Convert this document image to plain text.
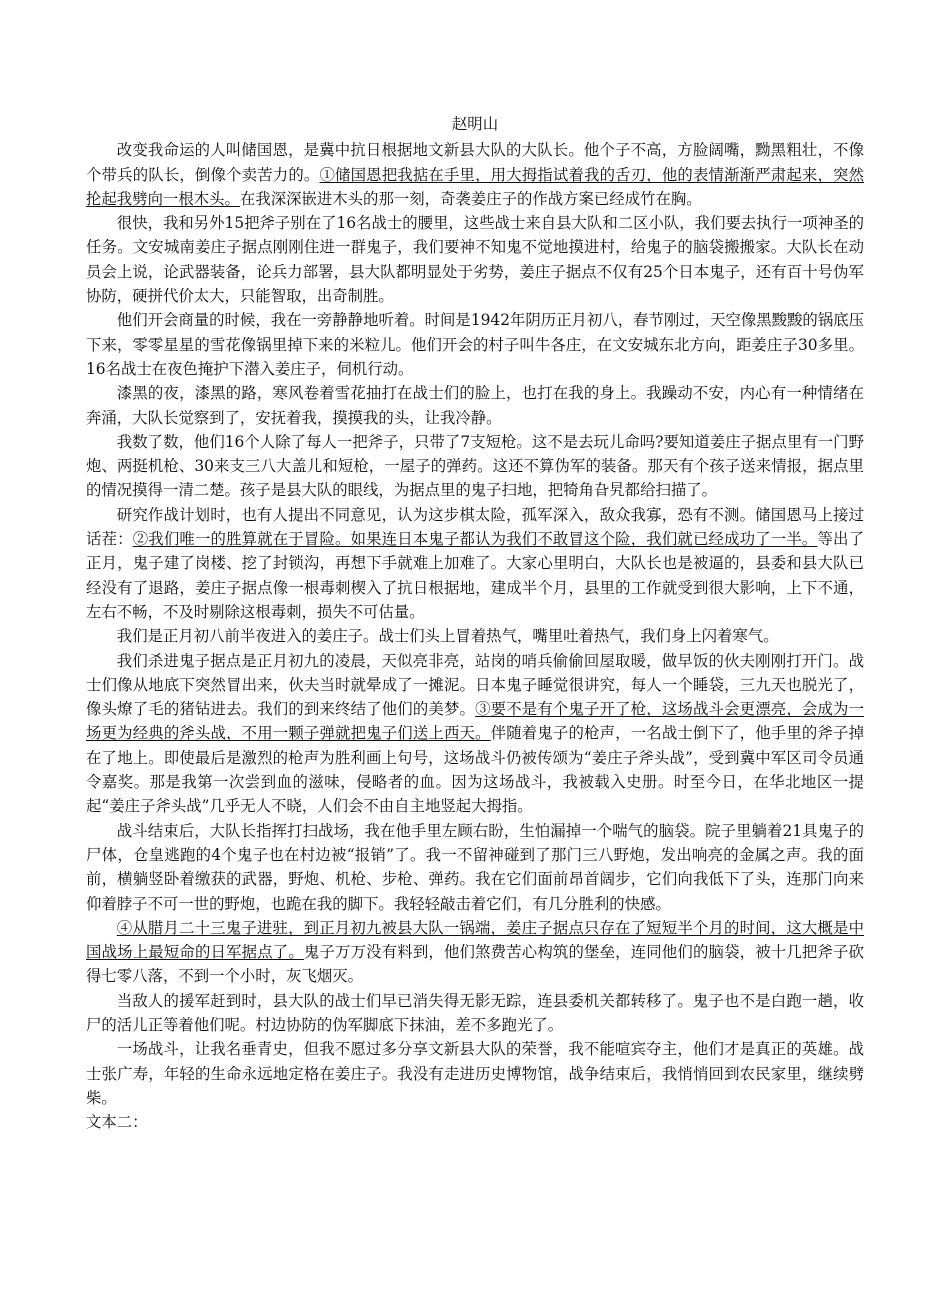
赵明山

改变我命运的人叫储国恩，是冀中抗日根据地文新县大队的大队长。他个子不高，方脸阔嘴，黝黑粗壮，不像个带兵的队长，倒像个卖苦力的。①储国恩把我掂在手里，用大拇指试着我的舌刃，他的表情渐渐严肃起来，突然抡起我劈向一根木头。在我深深嵌进木头的那一刻，奇袭姜庄子的作战方案已经成竹在胸。

很快，我和另外15把斧子别在了16名战士的腰里，这些战士来自县大队和二区小队，我们要去执行一项神圣的任务。文安城南姜庄子据点刚刚住进一群鬼子，我们要神不知鬼不觉地摸进村，给鬼子的脑袋搬搬家。大队长在动员会上说，论武器装备，论兵力部署，县大队都明显处于劣势，姜庄子据点不仅有25个日本鬼子，还有百十号伪军协防，硬拼代价太大，只能智取，出奇制胜。

他们开会商量的时候，我在一旁静静地听着。时间是1942年阴历正月初八，春节刚过，天空像黑黢黢的锅底压下来，零零星星的雪花像锅里掉下来的米粒儿。他们开会的村子叫牛各庄，在文安城东北方向，距姜庄子30多里。16名战士在夜色掩护下潜入姜庄子，伺机行动。

漆黑的夜，漆黑的路，寒风卷着雪花抽打在战士们的脸上，也打在我的身上。我躁动不安，内心有一种情绪在奔涌，大队长觉察到了，安抚着我，摸摸我的头，让我冷静。

我数了数，他们16个人除了每人一把斧子，只带了7支短枪。这不是去玩儿命吗?要知道姜庄子据点里有一门野炮、两挺机枪、30来支三八大盖儿和短枪，一屋子的弹药。这还不算伪军的装备。那天有个孩子送来情报，据点里的情况摸得一清二楚。孩子是县大队的眼线，为据点里的鬼子扫地，把犄角旮旯都给扫描了。

研究作战计划时，也有人提出不同意见，认为这步棋太险，孤军深入，敌众我寡，恐有不测。储国恩马上接过话茬：②我们唯一的胜算就在于冒险。如果连日本鬼子都认为我们不敢冒这个险，我们就已经成功了一半。等出了正月，鬼子建了岗楼、挖了封锁沟，再想下手就难上加难了。大家心里明白，大队长也是被逼的，县委和县大队已经没有了退路，姜庄子据点像一根毒刺楔入了抗日根据地，建成半个月，县里的工作就受到很大影响，上下不通，左右不畅，不及时剔除这根毒刺，损失不可估量。

我们是正月初八前半夜进入的姜庄子。战士们头上冒着热气，嘴里吐着热气，我们身上闪着寒气。

我们杀进鬼子据点是正月初九的凌晨，天似亮非亮，站岗的哨兵偷偷回屋取暖，做早饭的伙夫刚刚打开门。战士们像从地底下突然冒出来，伙夫当时就晕成了一摊泥。日本鬼子睡觉很讲究，每人一个睡袋，三九天也脱光了，像头燎了毛的猪钻进去。我们的到来终结了他们的美梦。③要不是有个鬼子开了枪，这场战斗会更漂亮，会成为一场更为经典的斧头战，不用一颗子弹就把鬼子们送上西天。伴随着鬼子的枪声，一名战士倒下了，他手里的斧子掉在了地上。即使最后是激烈的枪声为胜利画上句号，这场战斗仍被传颂为“姜庄子斧头战”，受到冀中军区司令员通令嘉奖。那是我第一次尝到血的滋味，侵略者的血。因为这场战斗，我被载入史册。时至今日，在华北地区一提起“姜庄子斧头战”几乎无人不晓，人们会不由自主地竖起大拇指。

战斗结束后，大队长指挥打扫战场，我在他手里左顾右盼，生怕漏掉一个喘气的脑袋。院子里躺着21具鬼子的尸体，仓皇逃跑的4个鬼子也在村边被“报销”了。我一不留神碰到了那门三八野炮，发出响亮的金属之声。我的面前，横躺竖卧着缴获的武器，野炮、机枪、步枪、弹药。我在它们面前昂首阔步，它们向我低下了头，连那门向来仰着脖子不可一世的野炮，也跪在我的脚下。我轻轻敲击着它们，有几分胜利的快感。

④从腊月二十三鬼子进驻，到正月初九被县大队一锅端，姜庄子据点只存在了短短半个月的时间，这大概是中国战场上最短命的日军据点了。鬼子万万没有料到，他们煞费苦心构筑的堡垒，连同他们的脑袋，被十几把斧子砍得七零八落，不到一个小时，灰飞烟灭。

当敌人的援军赶到时，县大队的战士们早已消失得无影无踪，连县委机关都转移了。鬼子也不是白跑一趟，收尸的活儿正等着他们呢。村边协防的伪军脚底下抹油，差不多跑光了。

一场战斗，让我名垂青史，但我不愿过多分享文新县大队的荣誉，我不能喧宾夺主，他们才是真正的英雄。战士张广寿，年轻的生命永远地定格在姜庄子。我没有走进历史博物馆，战争结束后，我悄悄回到农民家里，继续劈柴。

文本二：
